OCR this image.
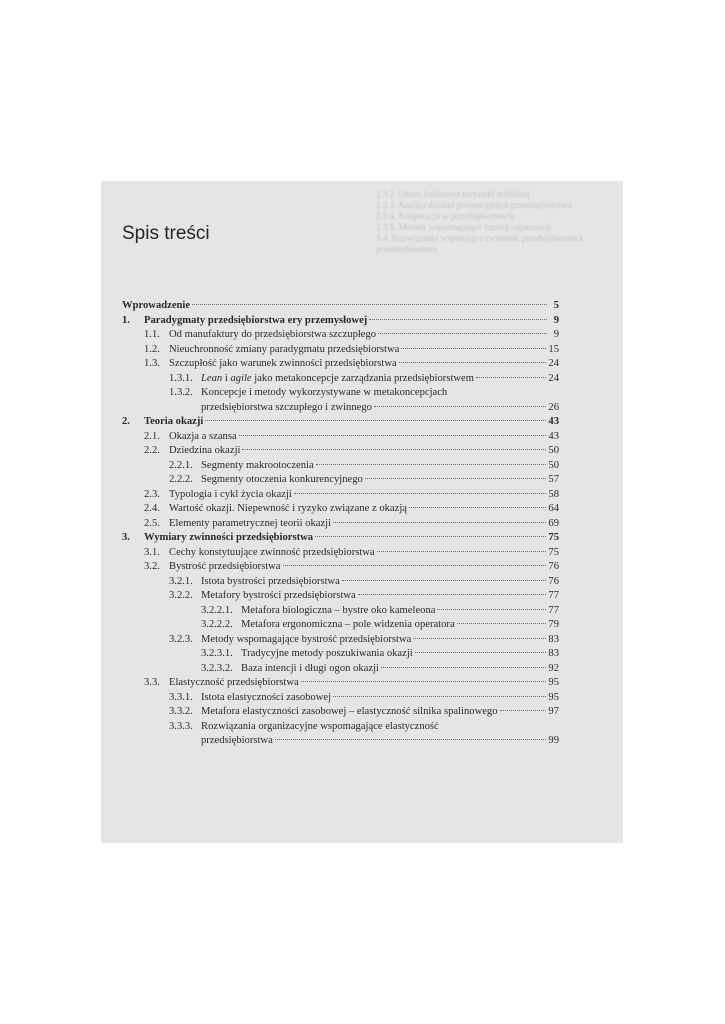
2.3.2. Oferta kulturowa turystyki miejskiej
2.3.3. Analiza działań promocyjnych przedsiębiorstwa
2.3.4. Kooperacja w przedsiębiorstwie
2.3.5. Metody wspomagające rozwój organizacji
3.4. Rozwiązania wspierające zwinność przedsiębiorstwa
przedsiębiorstwa
Spis treści
Wprowadzenie	5
1.	Paradygmaty przedsiębiorstwa ery przemysłowej	9
1.1. Od manufaktury do przedsiębiorstwa szczupłego	9
1.2. Nieuchronność zmiany paradygmatu przedsiębiorstwa	15
1.3. Szczupłość jako warunek zwinności przedsiębiorstwa	24
1.3.1. Lean i agile jako metakoncepcje zarządzania przedsiębiorstwem	24
1.3.2. Koncepcje i metody wykorzystywane w metakoncepcjach
przedsiębiorstwa szczupłego i zwinnego	26
2.	Teoria okazji	43
2.1. Okazja a szansa	43
2.2. Dziedzina okazji	50
2.2.1. Segmenty makrootoczenia	50
2.2.2. Segmenty otoczenia konkurencyjnego	57
2.3. Typologia i cykl życia okazji	58
2.4. Wartość okazji. Niepewność i ryzyko związane z okazją	64
2.5. Elementy parametrycznej teorii okazji	69
3.	Wymiary zwinności przedsiębiorstwa	75
3.1. Cechy konstytuujące zwinność przedsiębiorstwa	75
3.2. Bystrość przedsiębiorstwa	76
3.2.1. Istota bystrości przedsiębiorstwa	76
3.2.2. Metafory bystrości przedsiębiorstwa	77
3.2.2.1. Metafora biologiczna – bystre oko kameleona	77
3.2.2.2. Metafora ergonomiczna – pole widzenia operatora	79
3.2.3. Metody wspomagające bystrość przedsiębiorstwa	83
3.2.3.1. Tradycyjne metody poszukiwania okazji	83
3.2.3.2. Baza intencji i długi ogon okazji	92
3.3. Elastyczność przedsiębiorstwa	95
3.3.1. Istota elastyczności zasobowej	95
3.3.2. Metafora elastyczności zasobowej – elastyczność silnika spalinowego	97
3.3.3. Rozwiązania organizacyjne wspomagające elastyczność
przedsiębiorstwa	99
